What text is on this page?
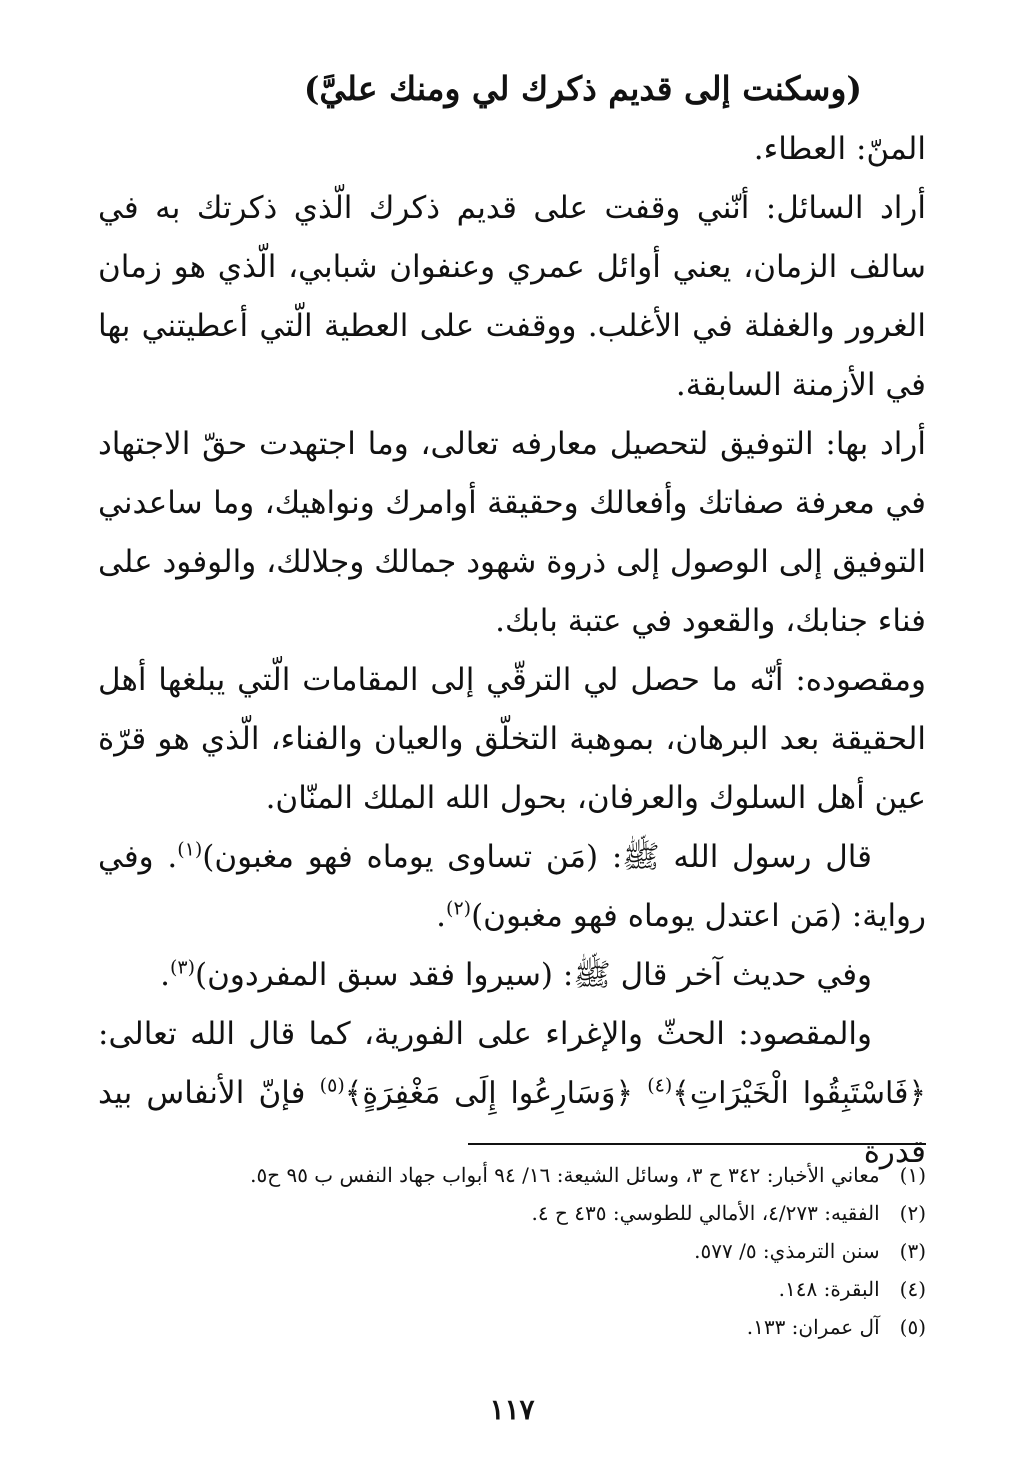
(وسكنت إلى قديم ذكرك لي ومنك عليَّ)

المنّ: العطاء.

أراد السائل: أنّني وقفت على قديم ذكرك الّذي ذكرتك به في سالف الزمان، يعني أوائل عمري وعنفوان شبابي، الّذي هو زمان الغرور والغفلة في الأغلب. ووقفت على العطية الّتي أعطيتني بها في الأزمنة السابقة.

أراد بها: التوفيق لتحصيل معارفه تعالى، وما اجتهدت حقّ الاجتهاد في معرفة صفاتك وأفعالك وحقيقة أوامرك ونواهيك، وما ساعدني التوفيق إلى الوصول إلى ذروة شهود جمالك وجلالك، والوفود على فناء جنابك، والقعود في عتبة بابك.

ومقصوده: أنّه ما حصل لي الترقّي إلى المقامات الّتي يبلغها أهل الحقيقة بعد البرهان، بموهبة التخلّق والعيان والفناء، الّذي هو قرّة عين أهل السلوك والعرفان، بحول الله الملك المنّان.

قال رسول الله ﷺ: (مَن تساوى يوماه فهو مغبون)$^{(١)}$. وفي رواية: (مَن اعتدل يوماه فهو مغبون)$^{(٢)}$.

وفي حديث آخر قال ﷺ: (سيروا فقد سبق المفردون)$^{(٣)}$.

والمقصود: الحثّ والإغراء على الفورية، كما قال الله تعالى: ﴿فَاسْتَبِقُوا الْخَيْرَاتِ﴾$^{(٤)}$ ﴿وَسَارِعُوا إِلَى مَغْفِرَةٍ﴾$^{(٥)}$ فإنّ الأنفاس بيد قدرة

(١) معاني الأخبار: ٣٤٢ ح ٣، وسائل الشيعة: ١٦/ ٩٤ أبواب جهاد النفس ب ٩٥ ح٥.
(٢) الفقيه: ٤/٢٧٣، الأمالي للطوسي: ٤٣٥ ح ٤.
(٣) سنن الترمذي: ٥/ ٥٧٧.
(٤) البقرة: ١٤٨.
(٥) آل عمران: ١٣٣.
١١٧
